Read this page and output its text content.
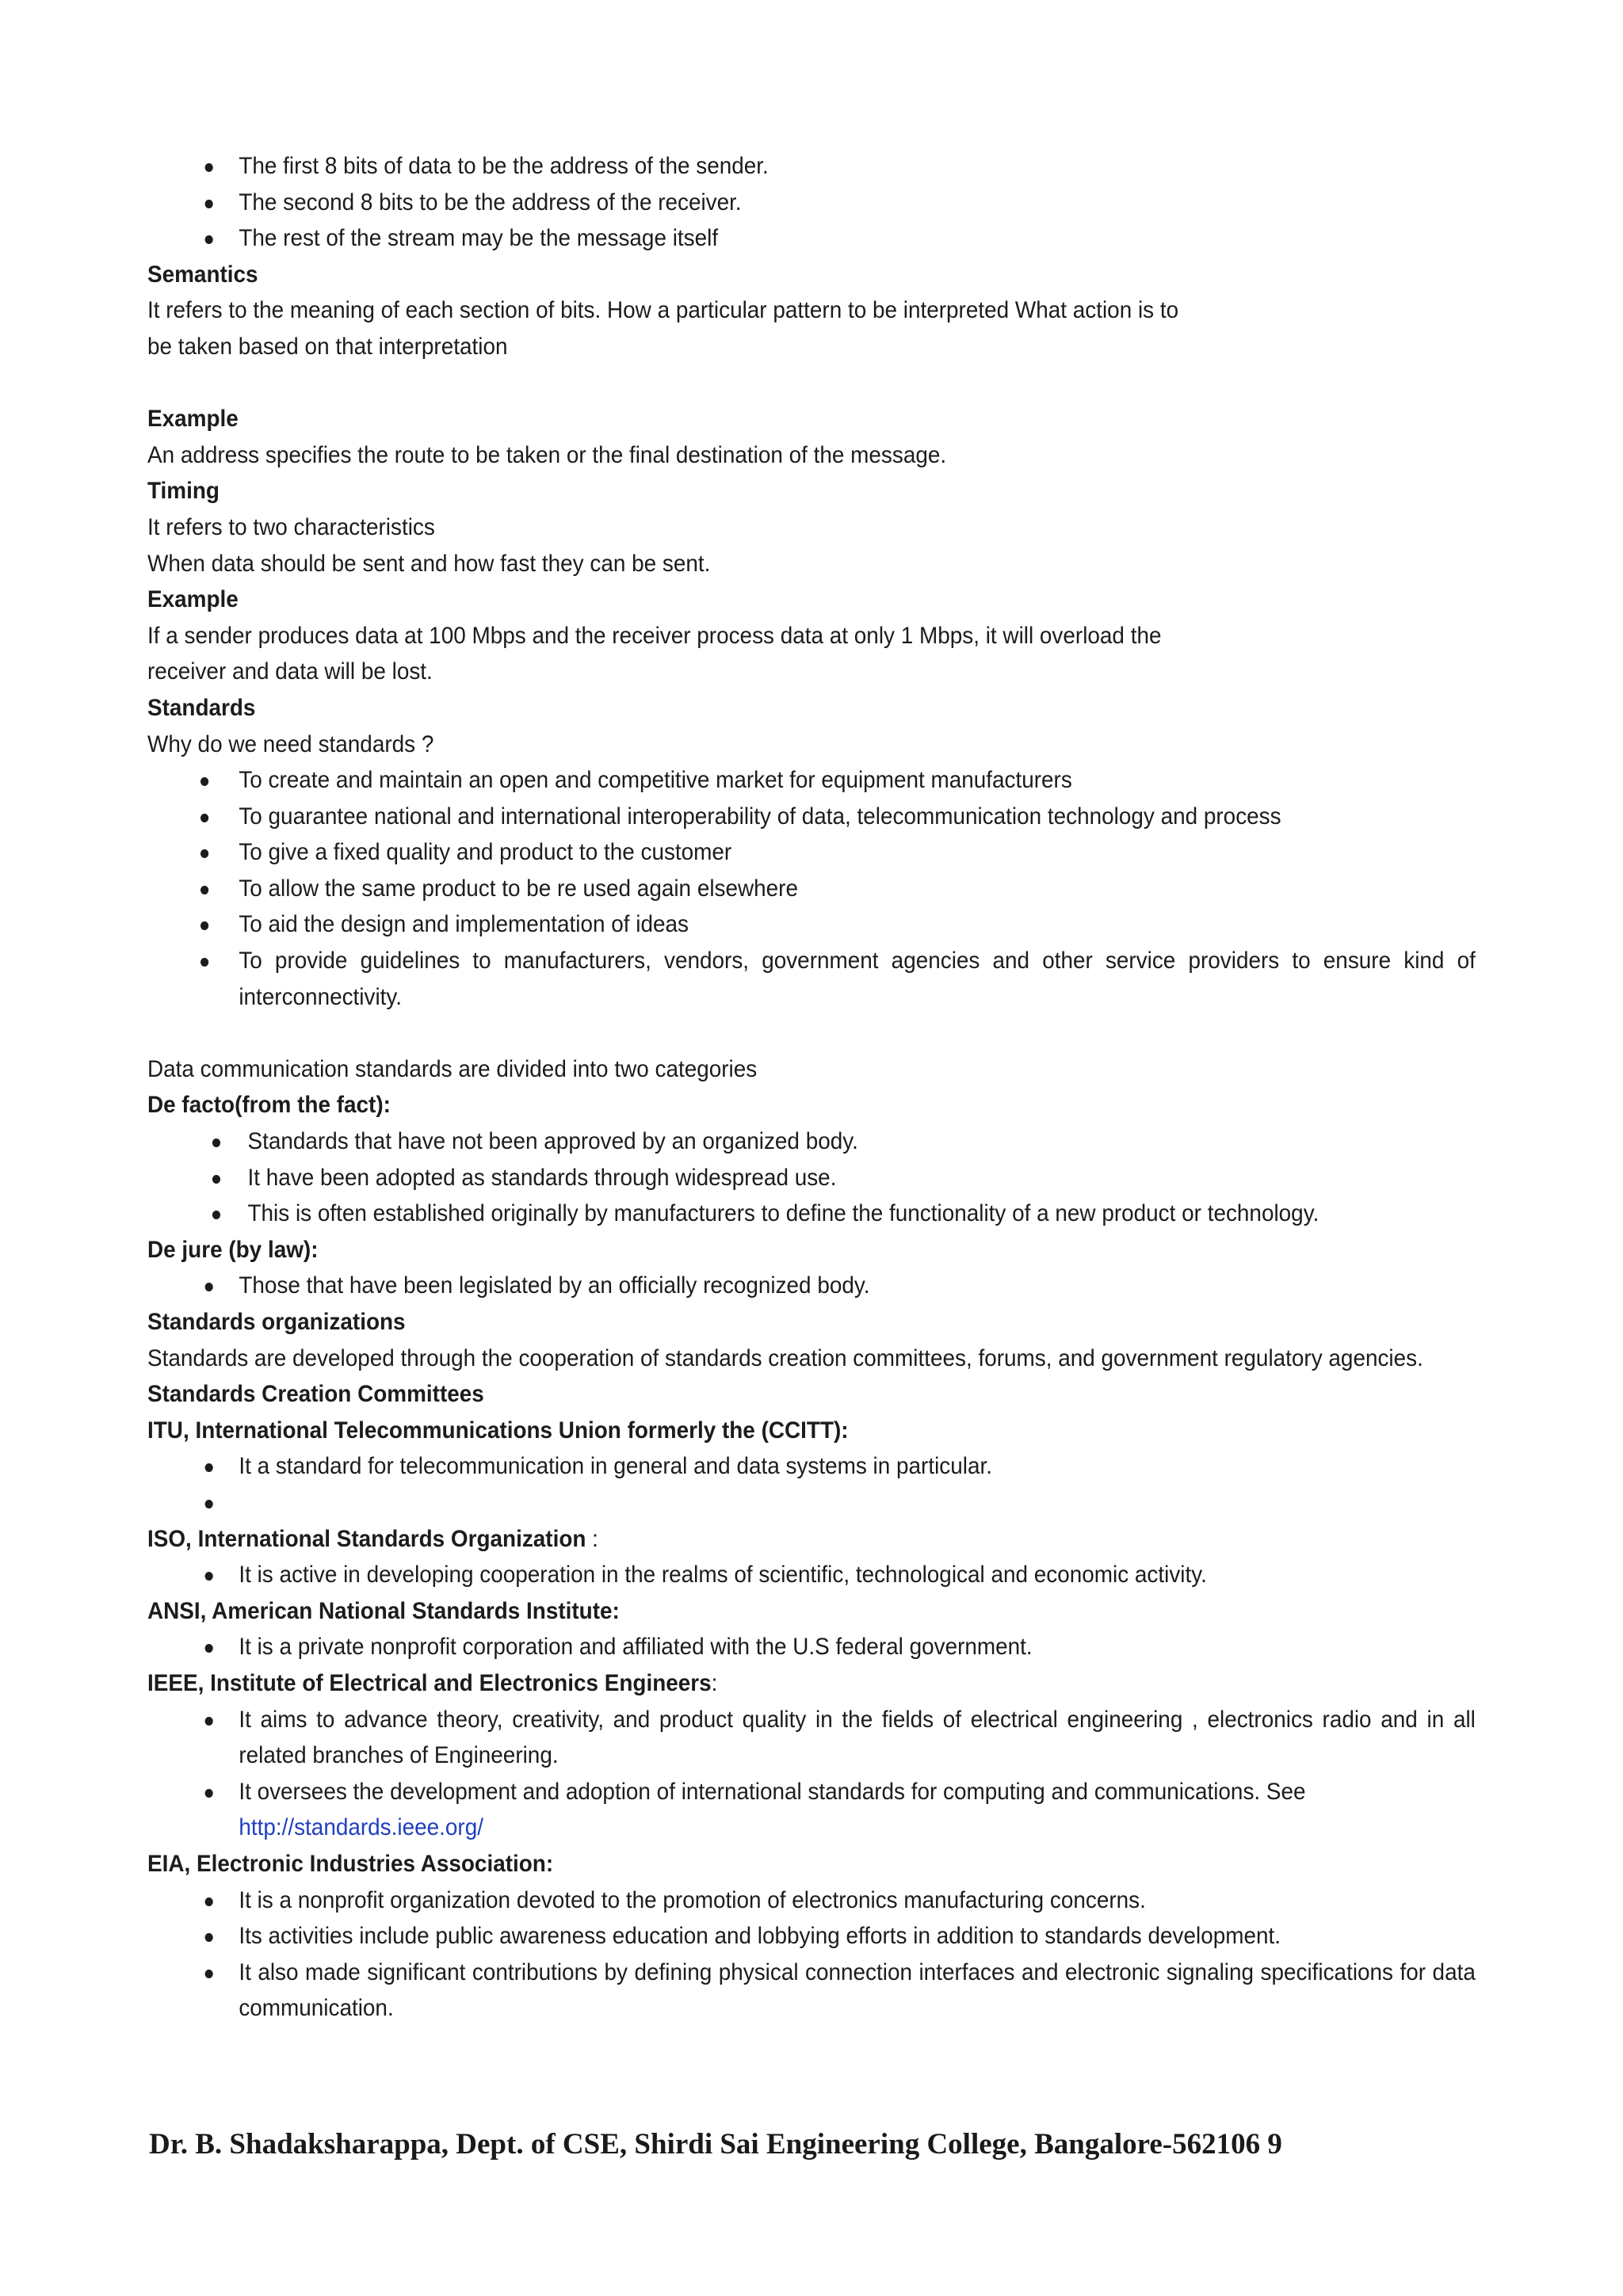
The first 8 bits of data to be the address of the sender.
The second 8 bits to be the address of the receiver.
The rest of the stream may be the message itself

Semantics

It refers to the meaning of each section of bits. How a particular pattern to be interpreted What action is to

be taken based on that interpretation

Example

An address specifies the route to be taken or the final destination of the message.

Timing

It refers to two characteristics

When data should be sent and how fast they can be sent.

Example

If a sender produces data at 100 Mbps and the receiver process data at only 1 Mbps, it will overload the

receiver and data will be lost.

Standards

Why do we need standards ?

To create and maintain an open and competitive market for equipment manufacturers
To guarantee national and international interoperability of data, telecommunication technology and process
To give a fixed quality and product to the customer
To allow the same product to be re used again elsewhere
To aid the design and implementation of ideas
To provide guidelines to manufacturers, vendors, government agencies and other service providers to ensure kind of interconnectivity.

Data communication standards are divided into two categories

De facto(from the fact):

Standards that have not been approved by an organized body.
It have been adopted as standards through widespread use.
This is often established originally by manufacturers to define the functionality of a new product or technology.

De jure (by law):

Those that have been legislated by an officially recognized body.

Standards organizations

Standards are developed through the cooperation of standards creation committees, forums, and government regulatory agencies.

Standards Creation Committees

ITU, International Telecommunications Union formerly the (CCITT):

It a standard for telecommunication in general and data systems in particular.

ISO, International Standards Organization :

It is active in developing cooperation in the realms of scientific, technological and economic activity.

ANSI, American National Standards Institute:

It is a private nonprofit corporation and affiliated with the U.S federal government.

IEEE, Institute of Electrical and Electronics Engineers:

It aims to advance theory, creativity, and product quality in the fields of electrical engineering , electronics radio and in all related branches of Engineering.
It oversees the development and adoption of international standards for computing and communications. See
http://standards.ieee.org/

EIA, Electronic Industries Association:

It is a nonprofit organization devoted to the promotion of electronics manufacturing concerns.
Its activities include public awareness education and lobbying efforts in addition to standards development.
It also made significant contributions by defining physical connection interfaces and electronic signaling specifications for data communication.
Dr. B. Shadaksharappa, Dept. of CSE, Shirdi Sai Engineering College, Bangalore-562106 9
